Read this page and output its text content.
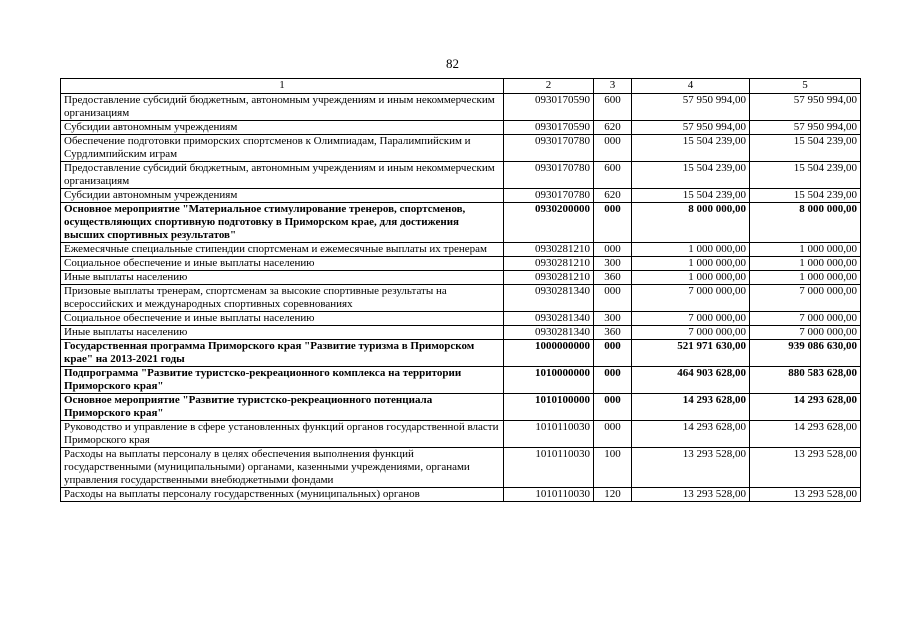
82
1	2	3	4	5
Предоставление субсидий бюджетным, автономным учреждениям и иным некоммерческим организациям	0930170590	600	57 950 994,00	57 950 994,00
Субсидии автономным учреждениям	0930170590	620	57 950 994,00	57 950 994,00
Обеспечение подготовки приморских спортсменов к Олимпиадам, Паралимпийским и Сурдлимпийским играм	0930170780	000	15 504 239,00	15 504 239,00
Предоставление субсидий бюджетным, автономным учреждениям и иным некоммерческим организациям	0930170780	600	15 504 239,00	15 504 239,00
Субсидии автономным учреждениям	0930170780	620	15 504 239,00	15 504 239,00
Основное мероприятие "Материальное стимулирование тренеров, спортсменов, осуществляющих спортивную подготовку в Приморском крае, для достижения высших спортивных результатов"	0930200000	000	8 000 000,00	8 000 000,00
Ежемесячные специальные стипендии спортсменам и ежемесячные выплаты их тренерам	0930281210	000	1 000 000,00	1 000 000,00
Социальное обеспечение и иные выплаты населению	0930281210	300	1 000 000,00	1 000 000,00
Иные выплаты населению	0930281210	360	1 000 000,00	1 000 000,00
Призовые выплаты тренерам, спортсменам за высокие спортивные результаты на всероссийских и международных спортивных соревнованиях	0930281340	000	7 000 000,00	7 000 000,00
Социальное обеспечение и иные выплаты населению	0930281340	300	7 000 000,00	7 000 000,00
Иные выплаты населению	0930281340	360	7 000 000,00	7 000 000,00
Государственная программа Приморского края "Развитие туризма в Приморском крае" на 2013-2021 годы	1000000000	000	521 971 630,00	939 086 630,00
Подпрограмма "Развитие туристско-рекреационного комплекса на территории Приморского края"	1010000000	000	464 903 628,00	880 583 628,00
Основное мероприятие "Развитие туристско-рекреационного потенциала Приморского края"	1010100000	000	14 293 628,00	14 293 628,00
Руководство и управление в сфере установленных функций органов государственной власти Приморского края	1010110030	000	14 293 628,00	14 293 628,00
Расходы на выплаты персоналу в целях обеспечения выполнения функций государственными (муниципальными) органами, казенными учреждениями, органами управления государственными внебюджетными фондами	1010110030	100	13 293 528,00	13 293 528,00
Расходы на выплаты персоналу государственных (муниципальных) органов	1010110030	120	13 293 528,00	13 293 528,00
